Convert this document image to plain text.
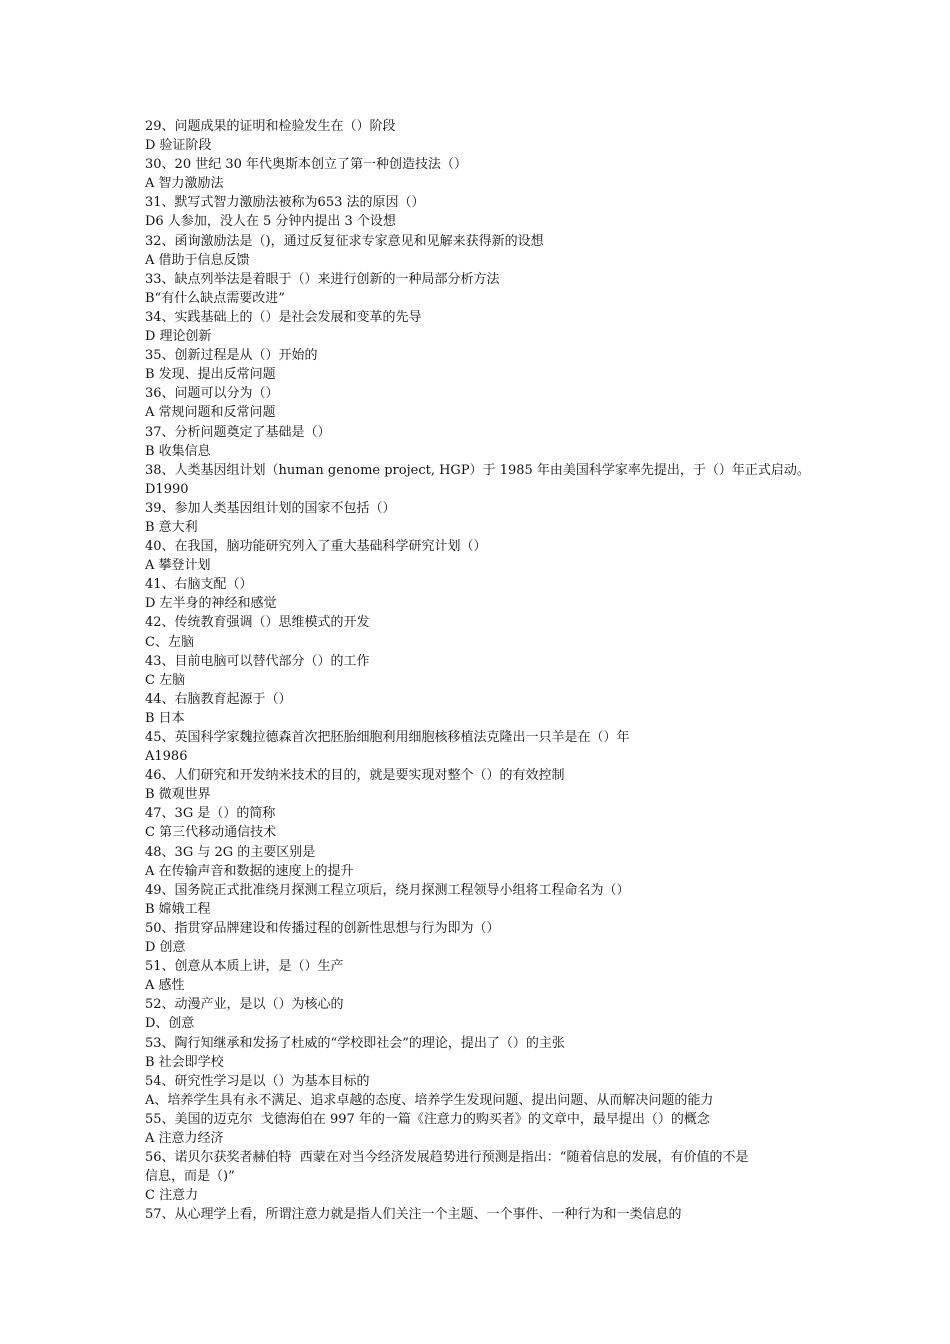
29、问题成果的证明和检验发生在（）阶段
D 验证阶段
30、20 世纪 30 年代奥斯本创立了第一种创造技法（）
A 智力激励法
31、默写式智力激励法被称为653 法的原因（）
D6 人参加，没人在 5 分钟内提出 3 个设想
32、函询激励法是（)，通过反复征求专家意见和见解来获得新的设想
A 借助于信息反馈
33、缺点列举法是着眼于（）来进行创新的一种局部分析方法
B“有什么缺点需要改进”
34、实践基础上的（）是社会发展和变革的先导
D 理论创新
35、创新过程是从（）开始的
B 发现、提出反常问题
36、问题可以分为（）
A 常规问题和反常问题
37、分析问题奠定了基础是（）
B 收集信息
38、人类基因组计划（human genome project, HGP）于 1985 年由美国科学家率先提出，于（）年正式启动。
D1990
39、参加人类基因组计划的国家不包括（）
B 意大利
40、在我国，脑功能研究列入了重大基础科学研究计划（）
A 攀登计划
41、右脑支配（）
D 左半身的神经和感觉
42、传统教育强调（）思维模式的开发
C、左脑
43、目前电脑可以替代部分（）的工作
C 左脑
44、右脑教育起源于（）
B 日本
45、英国科学家魏拉德森首次把胚胎细胞利用细胞核移植法克隆出一只羊是在（）年
A1986
46、人们研究和开发纳米技术的目的，就是要实现对整个（）的有效控制
B 微观世界
47、3G 是（）的简称
C 第三代移动通信技术
48、3G 与 2G 的主要区别是
A 在传输声音和数据的速度上的提升
49、国务院正式批准绕月探测工程立项后，绕月探测工程领导小组将工程命名为（）
B 嫦娥工程
50、指贯穿品牌建设和传播过程的创新性思想与行为即为（）
D 创意
51、创意从本质上讲，是（）生产
A 感性
52、动漫产业，是以（）为核心的
D、创意
53、陶行知继承和发扬了杜威的“学校即社会”的理论，提出了（）的主张
B 社会即学校
54、研究性学习是以（）为基本目标的
A、培养学生具有永不满足、追求卓越的态度、培养学生发现问题、提出问题、从而解决问题的能力
55、美国的迈克尔  戈德海伯在 997 年的一篇《注意力的购买者》的文章中，最早提出（）的概念
A 注意力经济
56、诺贝尔获奖者赫伯特  西蒙在对当今经济发展趋势进行预测是指出：“随着信息的发展，有价值的不是
信息，而是（)”
C 注意力
57、从心理学上看，所谓注意力就是指人们关注一个主题、一个事件、一种行为和一类信息的
